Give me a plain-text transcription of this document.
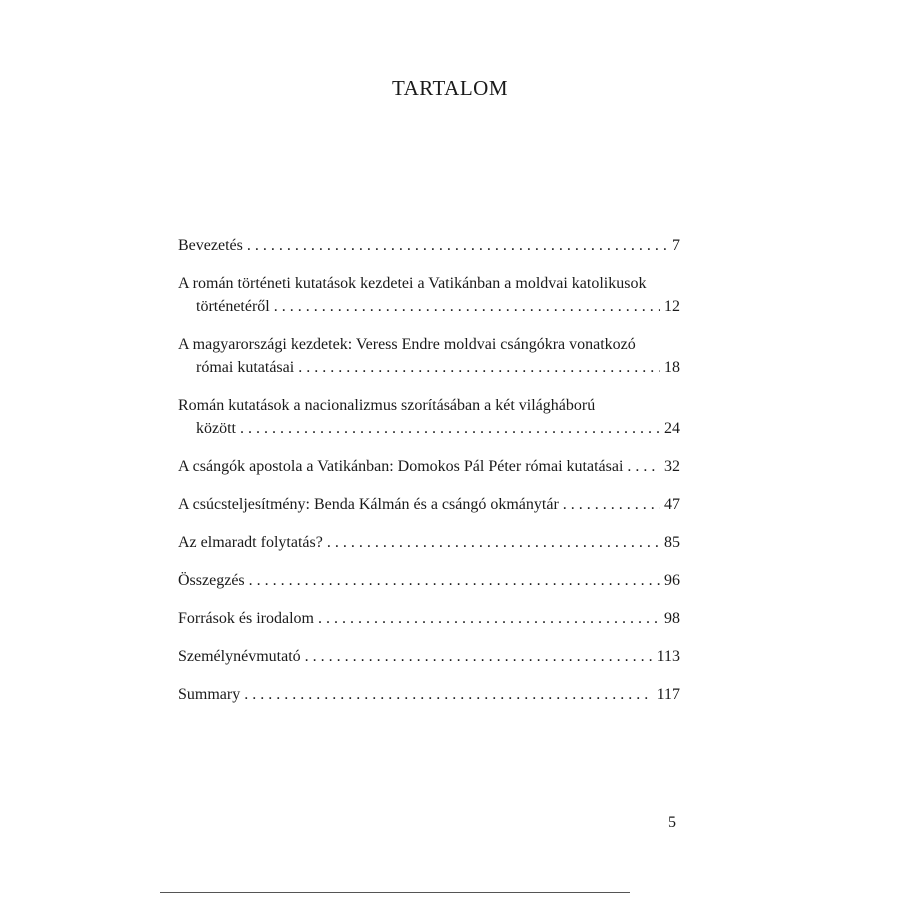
TARTALOM
Bevezetés . . .	7
A román történeti kutatások kezdetei a Vatikánban a moldvai katolikusok
történetéről . . .	12
A magyarországi kezdetek: Veress Endre moldvai csángókra vonatkozó
római kutatásai . . .	18
Román kutatások a nacionalizmus szorításában a két világháború
között . . .	24
A csángók apostola a Vatikánban: Domokos Pál Péter római kutatásai . . .	32
A csúcsteljesítmény: Benda Kálmán és a csángó okmánytár . . .	47
Az elmaradt folytatás? . . .	85
Összegzés . . .	96
Források és irodalom . . .	98
Személynévmutató . . .	113
Summary . . .	117
5
